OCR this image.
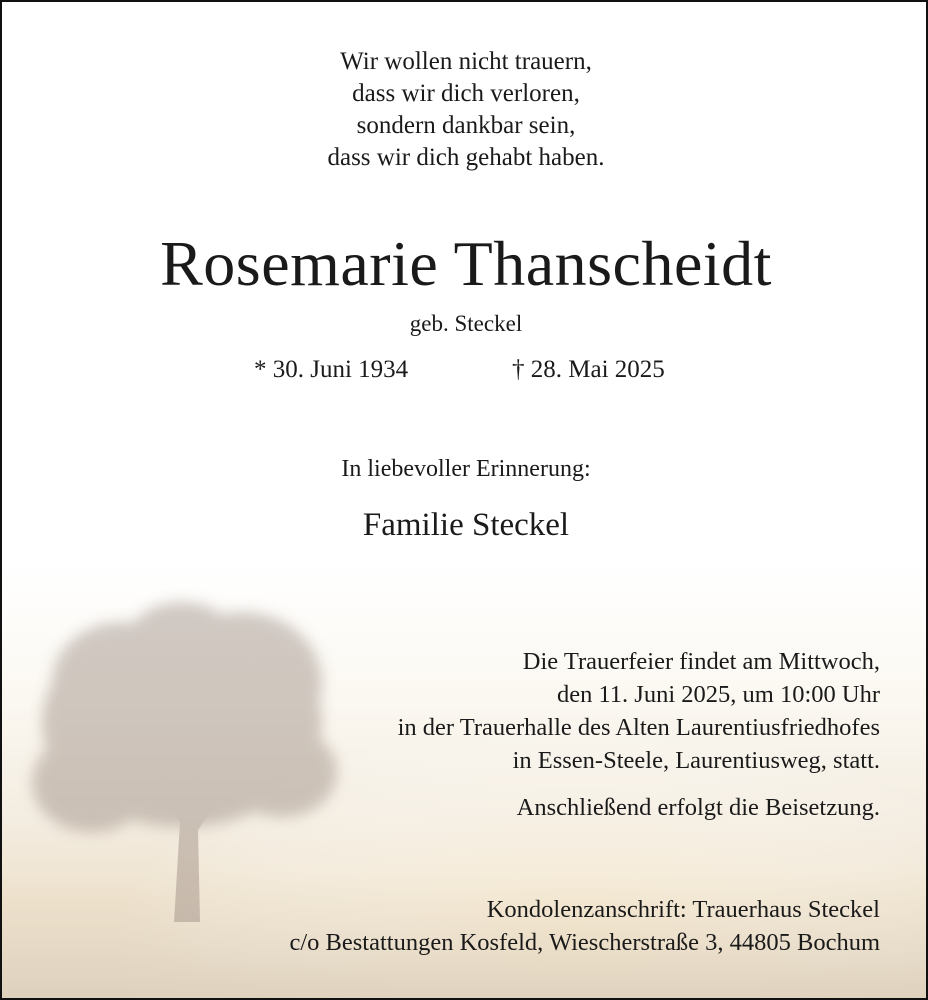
Wir wollen nicht trauern,
dass wir dich verloren,
sondern dankbar sein,
dass wir dich gehabt haben.
Rosemarie Thanscheidt
geb. Steckel
* 30. Juni 1934	† 28. Mai 2025
In liebevoller Erinnerung:
Familie Steckel
Die Trauerfeier findet am Mittwoch,
den 11. Juni 2025, um 10:00 Uhr
in der Trauerhalle des Alten Laurentiusfriedhofes
in Essen-Steele, Laurentiusweg, statt.
Anschließend erfolgt die Beisetzung.
Kondolenzanschrift: Trauerhaus Steckel
c/o Bestattungen Kosfeld, Wiescherstraße 3, 44805 Bochum
